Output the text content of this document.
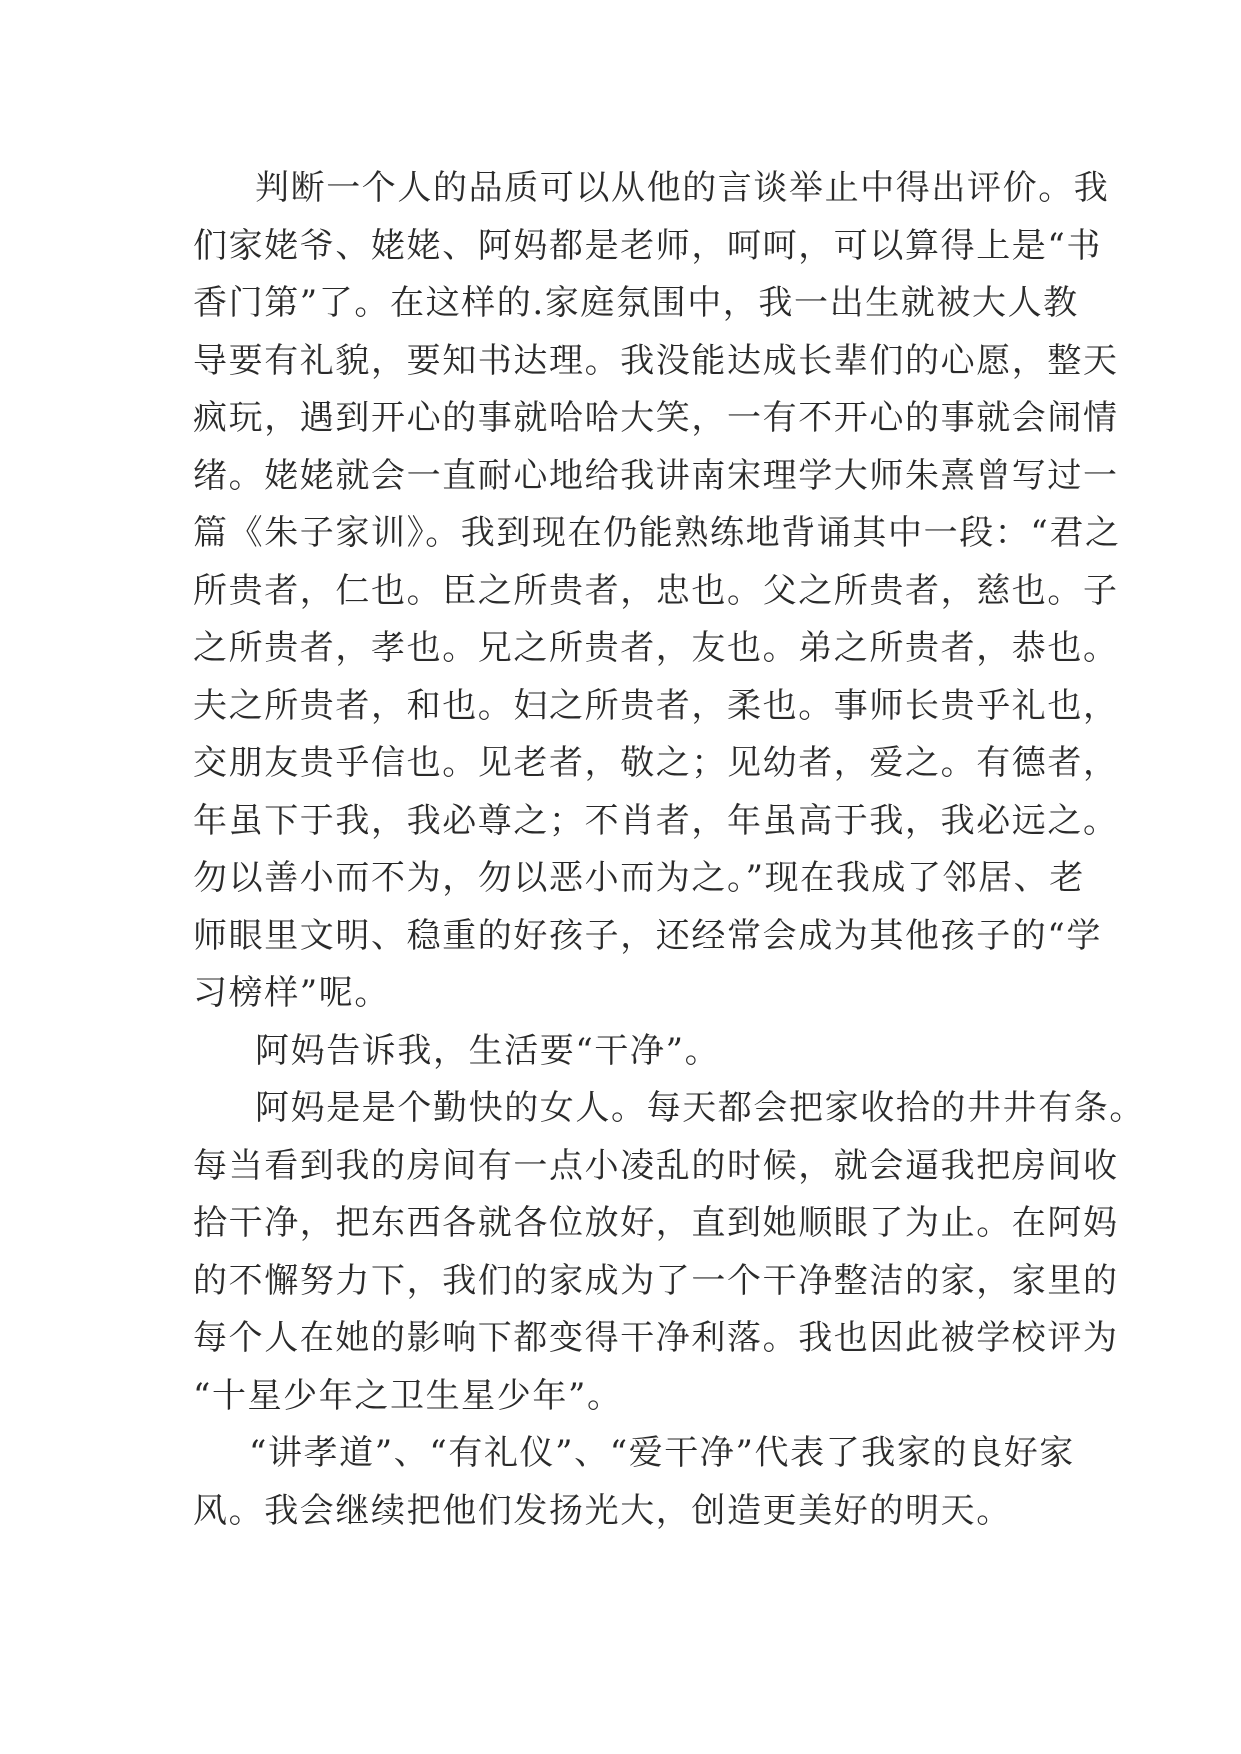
判断一个人的品质可以从他的言谈举止中得出评价。我
们家姥爷、姥姥、阿妈都是老师，呵呵，可以算得上是“书
香门第”了。在这样的.家庭氛围中，我一出生就被大人教
导要有礼貌，要知书达理。我没能达成长辈们的心愿，整天
疯玩，遇到开心的事就哈哈大笑，一有不开心的事就会闹情
绪。姥姥就会一直耐心地给我讲南宋理学大师朱熹曾写过一
篇《朱子家训》。我到现在仍能熟练地背诵其中一段：“君之
所贵者，仁也。臣之所贵者，忠也。父之所贵者，慈也。子
之所贵者，孝也。兄之所贵者，友也。弟之所贵者，恭也。
夫之所贵者，和也。妇之所贵者，柔也。事师长贵乎礼也，
交朋友贵乎信也。见老者，敬之；见幼者，爱之。有德者，
年虽下于我，我必尊之；不肖者，年虽高于我，我必远之。
勿以善小而不为，勿以恶小而为之。”现在我成了邻居、老
师眼里文明、稳重的好孩子，还经常会成为其他孩子的“学
习榜样”呢。
阿妈告诉我，生活要“干净”。
阿妈是是个勤快的女人。每天都会把家收拾的井井有条。
每当看到我的房间有一点小凌乱的时候，就会逼我把房间收
拾干净，把东西各就各位放好，直到她顺眼了为止。在阿妈
的不懈努力下，我们的家成为了一个干净整洁的家，家里的
每个人在她的影响下都变得干净利落。我也因此被学校评为
“十星少年之卫生星少年”。
“讲孝道”、“有礼仪”、“爱干净”代表了我家的良好家
风。我会继续把他们发扬光大，创造更美好的明天。
